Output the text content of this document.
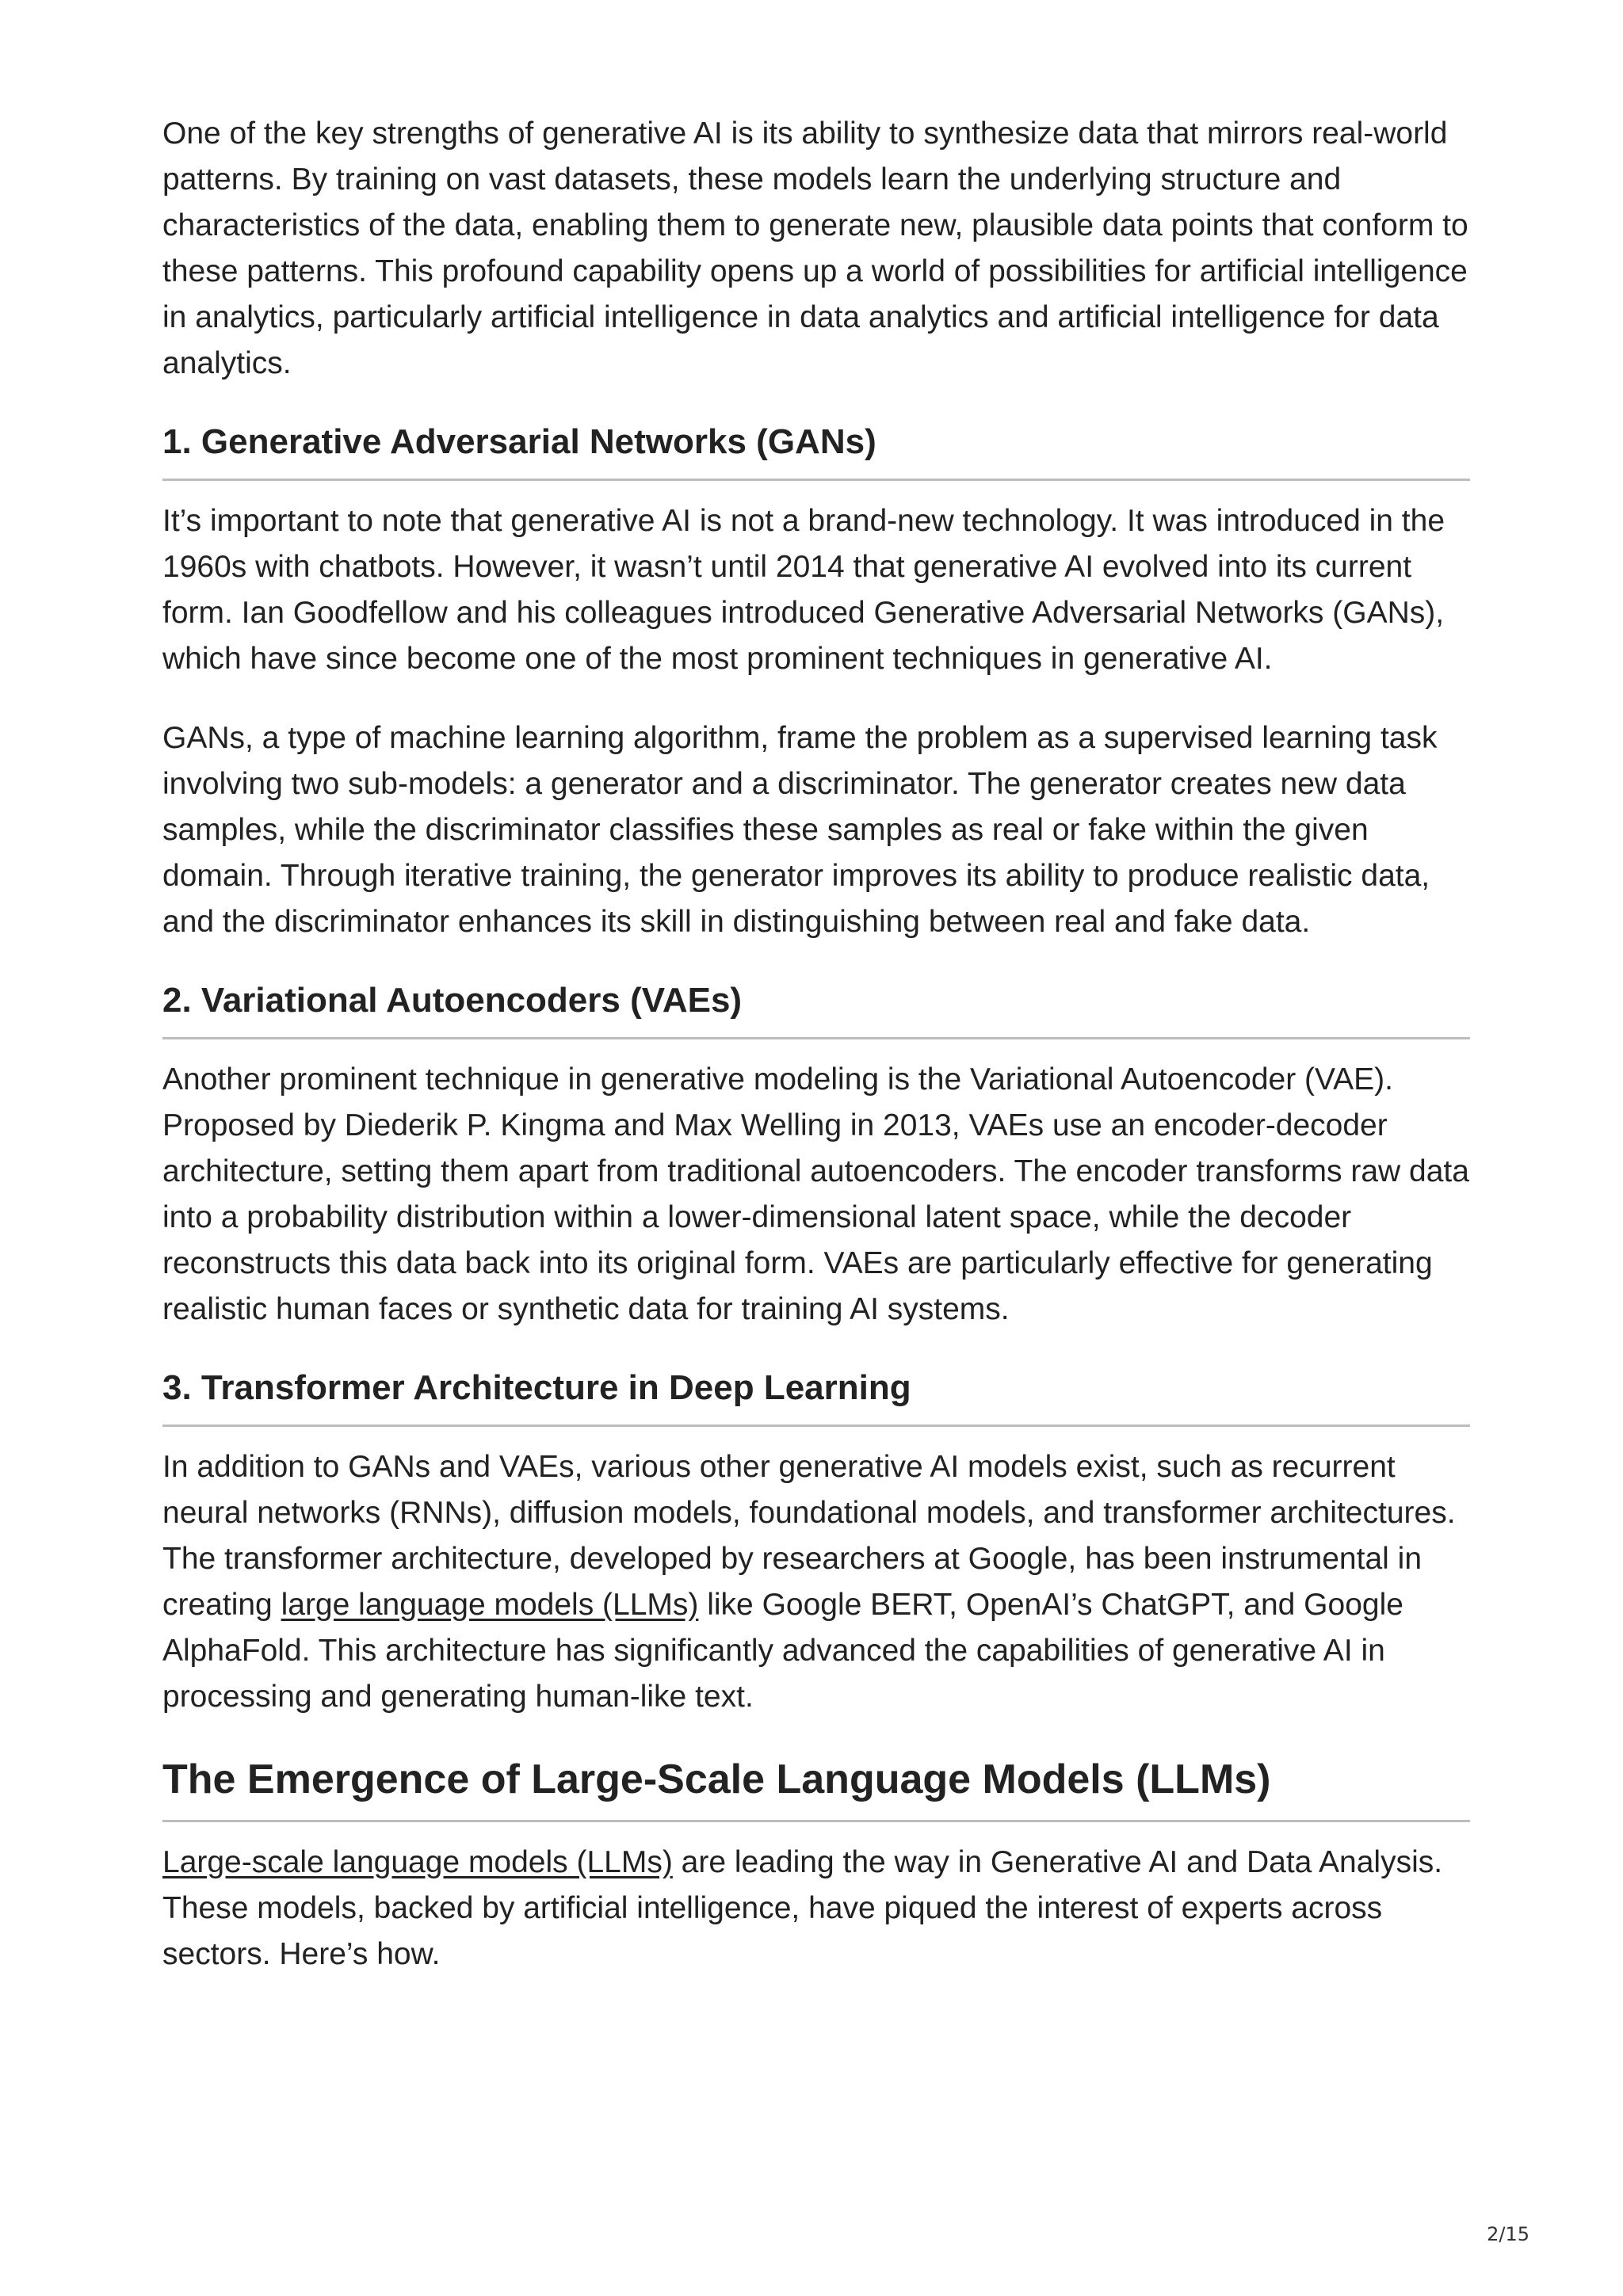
One of the key strengths of generative AI is its ability to synthesize data that mirrors real-world patterns. By training on vast datasets, these models learn the underlying structure and characteristics of the data, enabling them to generate new, plausible data points that conform to these patterns. This profound capability opens up a world of possibilities for artificial intelligence in analytics, particularly artificial intelligence in data analytics and artificial intelligence for data analytics.

1. Generative Adversarial Networks (GANs)

It’s important to note that generative AI is not a brand-new technology. It was introduced in the 1960s with chatbots. However, it wasn’t until 2014 that generative AI evolved into its current form. Ian Goodfellow and his colleagues introduced Generative Adversarial Networks (GANs), which have since become one of the most prominent techniques in generative AI.

GANs, a type of machine learning algorithm, frame the problem as a supervised learning task involving two sub-models: a generator and a discriminator. The generator creates new data samples, while the discriminator classifies these samples as real or fake within the given domain. Through iterative training, the generator improves its ability to produce realistic data, and the discriminator enhances its skill in distinguishing between real and fake data.

2. Variational Autoencoders (VAEs)

Another prominent technique in generative modeling is the Variational Autoencoder (VAE). Proposed by Diederik P. Kingma and Max Welling in 2013, VAEs use an encoder-decoder architecture, setting them apart from traditional autoencoders. The encoder transforms raw data into a probability distribution within a lower-dimensional latent space, while the decoder reconstructs this data back into its original form. VAEs are particularly effective for generating realistic human faces or synthetic data for training AI systems.

3. Transformer Architecture in Deep Learning

In addition to GANs and VAEs, various other generative AI models exist, such as recurrent neural networks (RNNs), diffusion models, foundational models, and transformer architectures. The transformer architecture, developed by researchers at Google, has been instrumental in creating large language models (LLMs) like Google BERT, OpenAI’s ChatGPT, and Google AlphaFold. This architecture has significantly advanced the capabilities of generative AI in processing and generating human-like text.

The Emergence of Large-Scale Language Models (LLMs)

Large-scale language models (LLMs) are leading the way in Generative AI and Data Analysis. These models, backed by artificial intelligence, have piqued the interest of experts across sectors. Here’s how.

2/15
